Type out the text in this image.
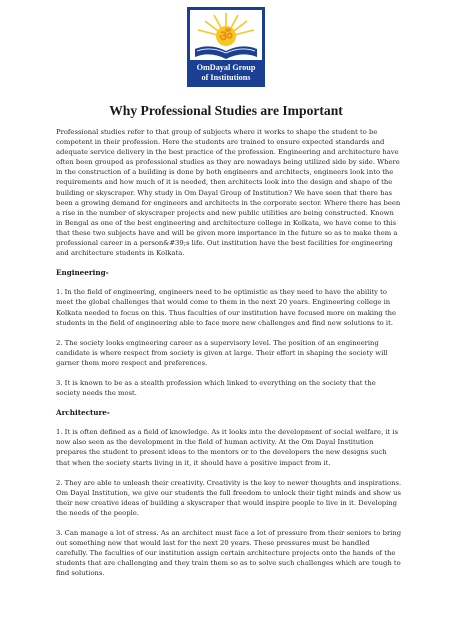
ॐ
OmDayal Group
of Institutions
Why Professional Studies are Important

Professional studies refer to that group of subjects where it works to shape the student to be competent in their profession. Here the students are trained to ensure expected standards and adequate service delivery in the best practice of the profession. Engineering and architecture have often been grouped as professional studies as they are nowadays being utilized side by side. Where in the construction of a building is done by both engineers and architects, engineers look into the requirements and how much of it is needed, then architects look into the design and shape of the building or skyscraper. Why study in Om Dayal Group of Institution? We have seen that there has been a growing demand for engineers and architects in the corporate sector. Where there has been a rise in the number of skyscraper projects and new public utilities are being constructed. Known in Bengal as one of the best engineering and architecture college in Kolkata, we have come to this that these two subjects have and will be given more importance in the future so as to make them a professional career in a person&#39;s life. Out institution have the best facilities for engineering and architecture students in Kolkata.

Engineering-

1. In the field of engineering, engineers need to be optimistic as they need to have the ability to meet the global challenges that would come to them in the next 20 years. Engineering college in Kolkata needed to focus on this. Thus faculties of our institution have focused more on making the students in the field of engineering able to face more new challenges and find new solutions to it.

2. The society looks engineering career as a supervisory level. The position of an engineering candidate is where respect from society is given at large. Their effort in shaping the society will garner them more respect and preferences.

3. It is known to be as a stealth profession which linked to everything on the society that the society needs the most.

Architecture-

1. It is often defined as a field of knowledge. As it looks into the development of social welfare, it is now also seen as the development in the field of human activity. At the Om Dayal Institution prepares the student to present ideas to the mentors or to the developers the new designs such that when the society starts living in it, it should have a positive impact from it.

2. They are able to unleash their creativity. Creativity is the key to newer thoughts and inspirations. Om Dayal Institution, we give our students the full freedom to unlock their tight minds and show us their new creative ideas of building a skyscraper that would inspire people to live in it. Developing the needs of the people.

3. Can manage a lot of stress. As an architect must face a lot of pressure from their seniors to bring out something new that would last for the next 20 years. These pressures must be handled carefully. The faculties of our institution assign certain architecture projects onto the hands of the students that are challenging and they train them so as to solve such challenges which are tough to find solutions.
